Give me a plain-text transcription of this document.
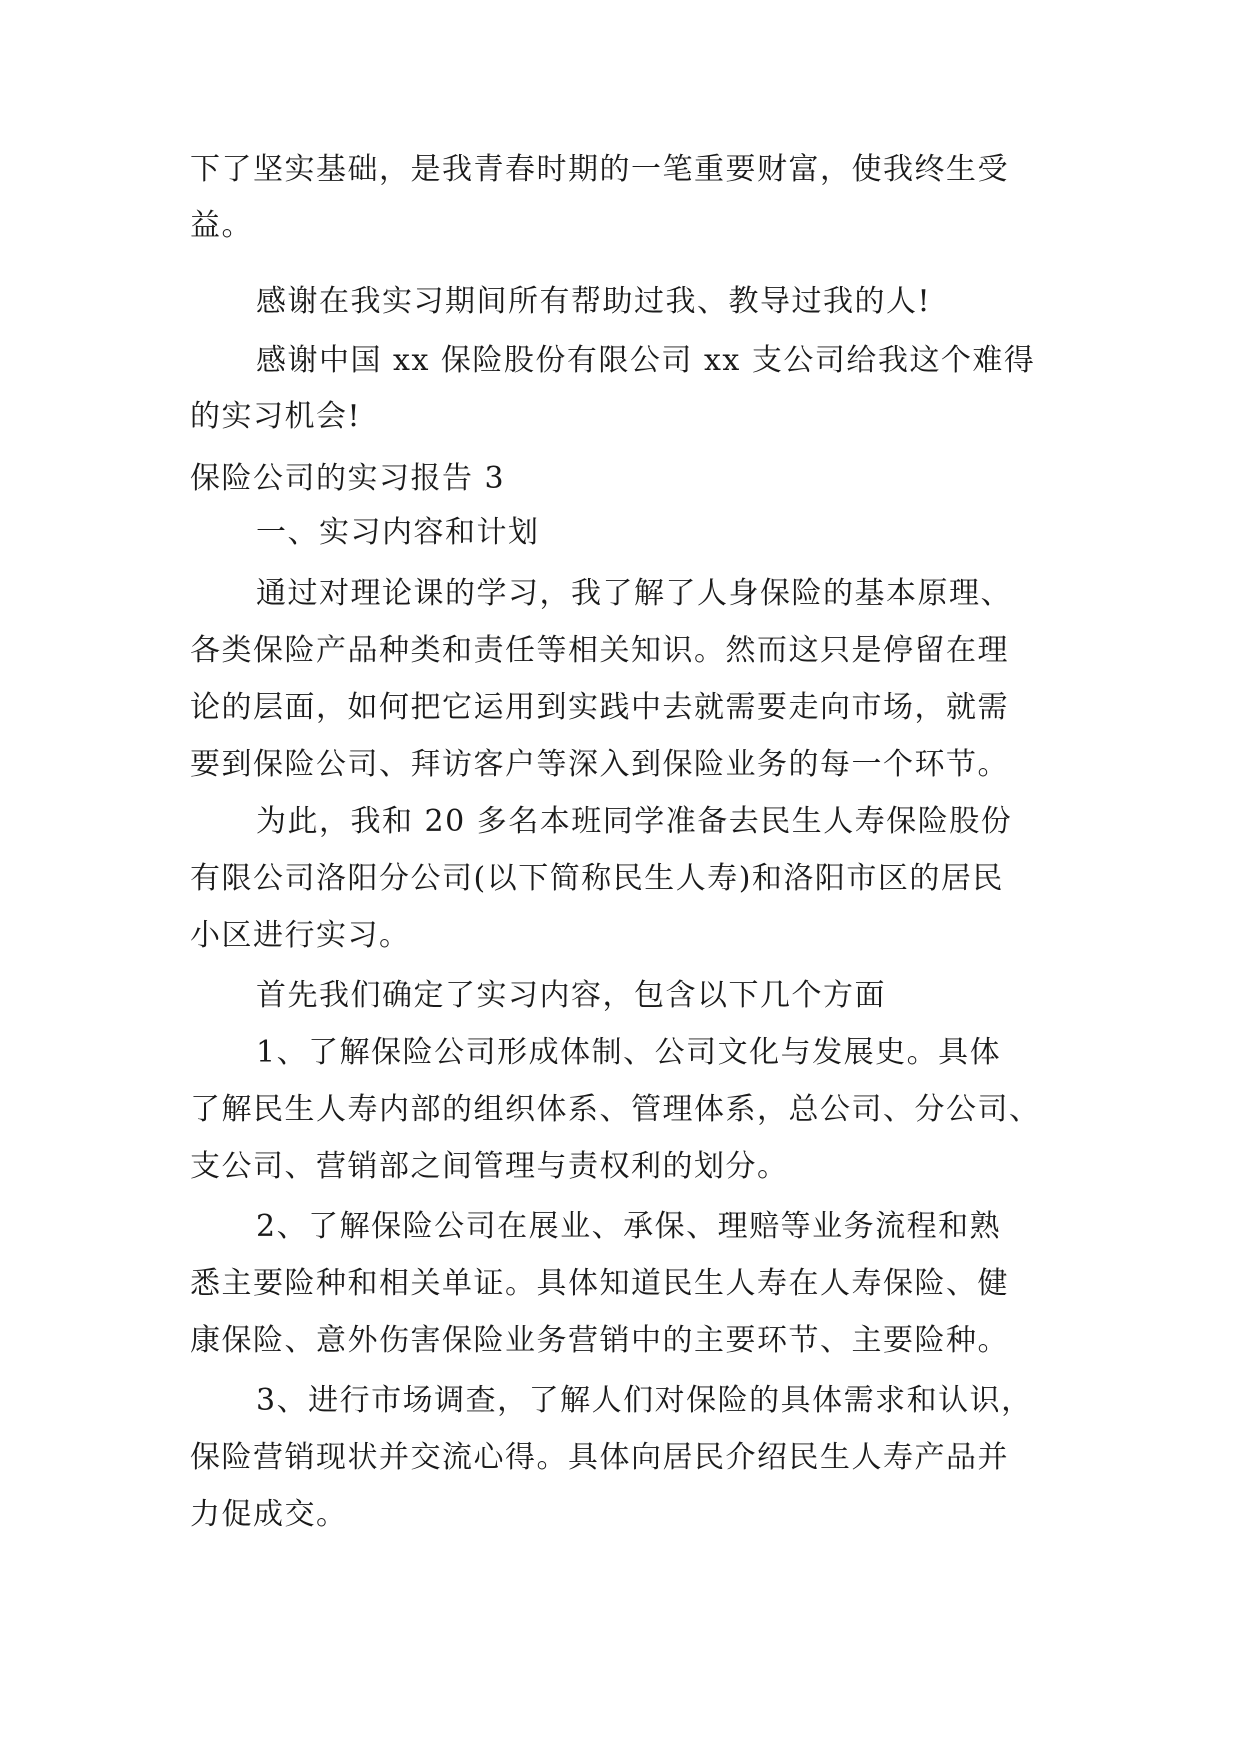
下了坚实基础，是我青春时期的一笔重要财富，使我终生受
益。
感谢在我实习期间所有帮助过我、教导过我的人!
感谢中国 xx 保险股份有限公司 xx 支公司给我这个难得
的实习机会!
保险公司的实习报告 3
一、实习内容和计划
通过对理论课的学习，我了解了人身保险的基本原理、
各类保险产品种类和责任等相关知识。然而这只是停留在理
论的层面，如何把它运用到实践中去就需要走向市场，就需
要到保险公司、拜访客户等深入到保险业务的每一个环节。
为此，我和 20 多名本班同学准备去民生人寿保险股份
有限公司洛阳分公司(以下简称民生人寿)和洛阳市区的居民
小区进行实习。
首先我们确定了实习内容，包含以下几个方面
1、了解保险公司形成体制、公司文化与发展史。具体
了解民生人寿内部的组织体系、管理体系，总公司、分公司、
支公司、营销部之间管理与责权利的划分。
2、了解保险公司在展业、承保、理赔等业务流程和熟
悉主要险种和相关单证。具体知道民生人寿在人寿保险、健
康保险、意外伤害保险业务营销中的主要环节、主要险种。
3、进行市场调查，了解人们对保险的具体需求和认识，
保险营销现状并交流心得。具体向居民介绍民生人寿产品并
力促成交。
